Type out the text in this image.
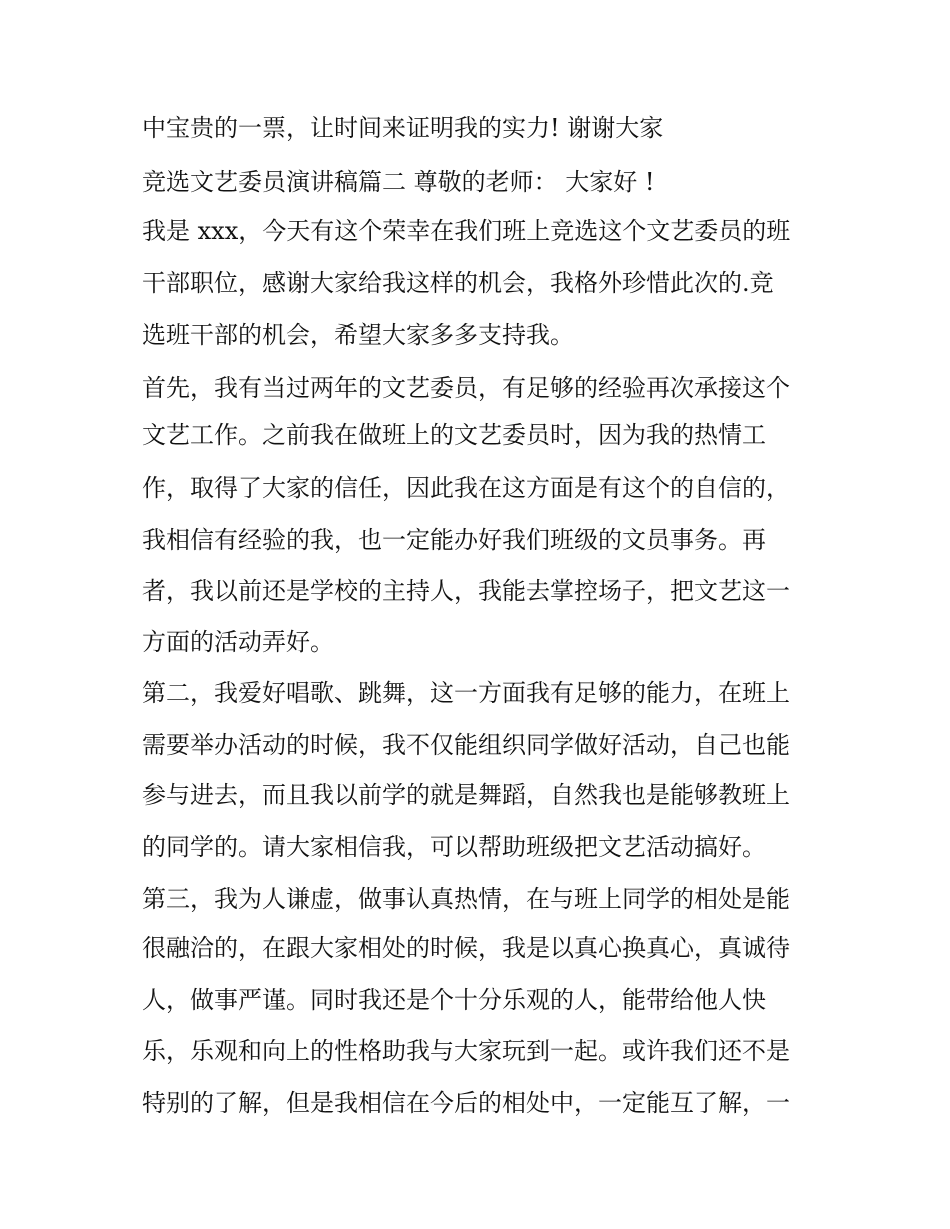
中宝贵的一票，让时间来证明我的实力! 谢谢大家
竞选文艺委员演讲稿篇二 尊敬的老师： 大家好 !
我是 xxx，今天有这个荣幸在我们班上竞选这个文艺委员的班
干部职位，感谢大家给我这样的机会，我格外珍惜此次的.竞
选班干部的机会，希望大家多多支持我。
首先，我有当过两年的文艺委员，有足够的经验再次承接这个
文艺工作。之前我在做班上的文艺委员时，因为我的热情工
作，取得了大家的信任，因此我在这方面是有这个的自信的，
我相信有经验的我，也一定能办好我们班级的文员事务。再
者，我以前还是学校的主持人，我能去掌控场子，把文艺这一
方面的活动弄好。
第二，我爱好唱歌、跳舞，这一方面我有足够的能力，在班上
需要举办活动的时候，我不仅能组织同学做好活动，自己也能
参与进去，而且我以前学的就是舞蹈，自然我也是能够教班上
的同学的。请大家相信我，可以帮助班级把文艺活动搞好。
第三，我为人谦虚，做事认真热情，在与班上同学的相处是能
很融洽的，在跟大家相处的时候，我是以真心换真心，真诚待
人，做事严谨。同时我还是个十分乐观的人，能带给他人快
乐，乐观和向上的性格助我与大家玩到一起。或许我们还不是
特别的了解，但是我相信在今后的相处中，一定能互了解，一
